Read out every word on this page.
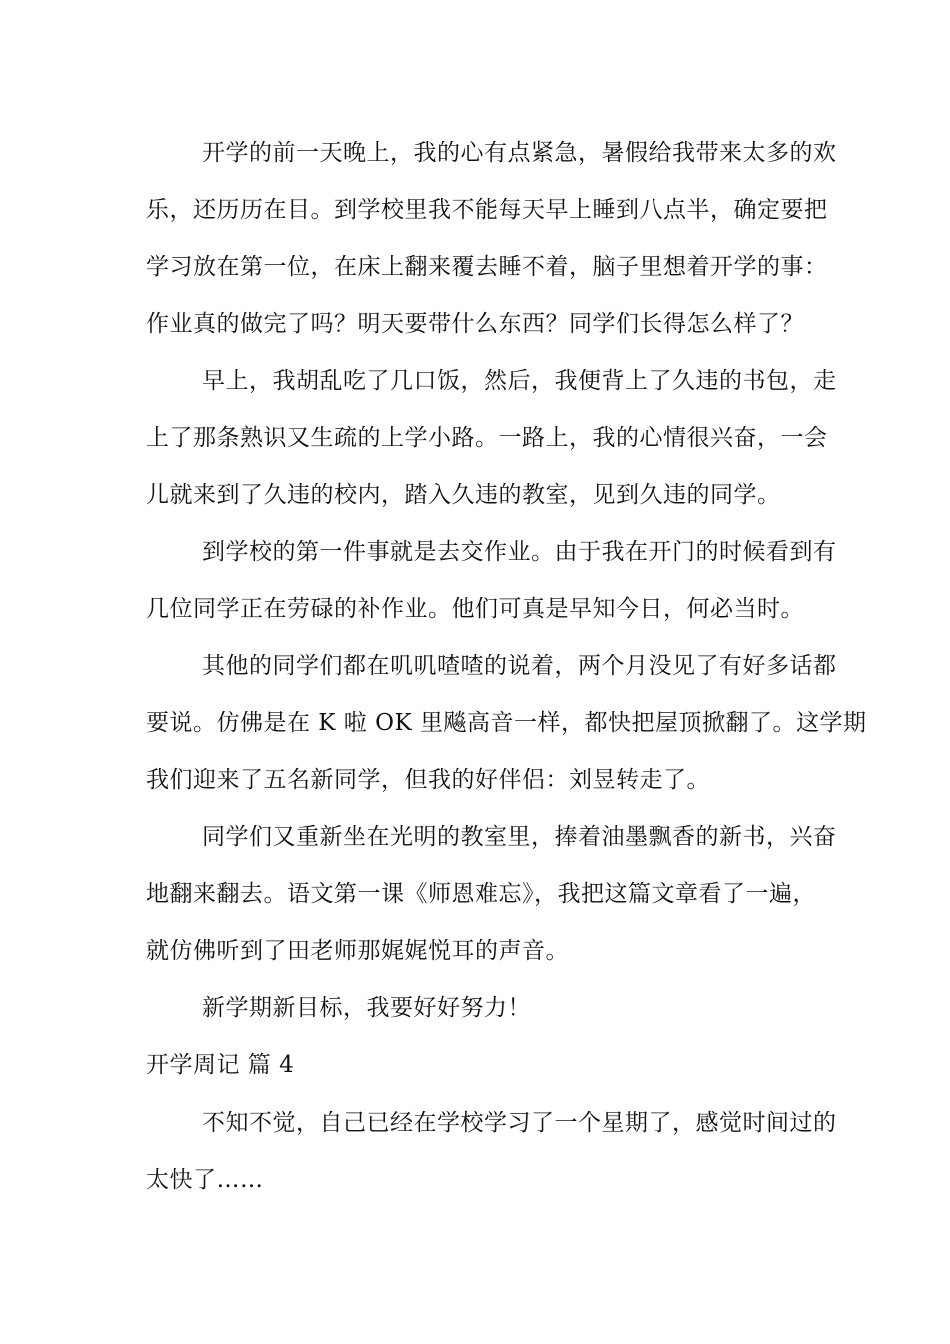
开学的前一天晚上，我的心有点紧急，暑假给我带来太多的欢
乐，还历历在目。到学校里我不能每天早上睡到八点半，确定要把
学习放在第一位，在床上翻来覆去睡不着，脑子里想着开学的事：
作业真的做完了吗？明天要带什么东西？同学们长得怎么样了？
早上，我胡乱吃了几口饭，然后，我便背上了久违的书包，走
上了那条熟识又生疏的上学小路。一路上，我的心情很兴奋，一会
儿就来到了久违的校内，踏入久违的教室，见到久违的同学。
到学校的第一件事就是去交作业。由于我在开门的时候看到有
几位同学正在劳碌的补作业。他们可真是早知今日，何必当时。
其他的同学们都在叽叽喳喳的说着，两个月没见了有好多话都
要说。仿佛是在 K 啦 OK 里飚高音一样，都快把屋顶掀翻了。这学期
我们迎来了五名新同学，但我的好伴侣：刘昱转走了。
同学们又重新坐在光明的教室里，捧着油墨飘香的新书，兴奋
地翻来翻去。语文第一课《师恩难忘》，我把这篇文章看了一遍，
就仿佛听到了田老师那娓娓悦耳的声音。
新学期新目标，我要好好努力！
开学周记 篇 4
不知不觉，自己已经在学校学习了一个星期了，感觉时间过的
太快了……
